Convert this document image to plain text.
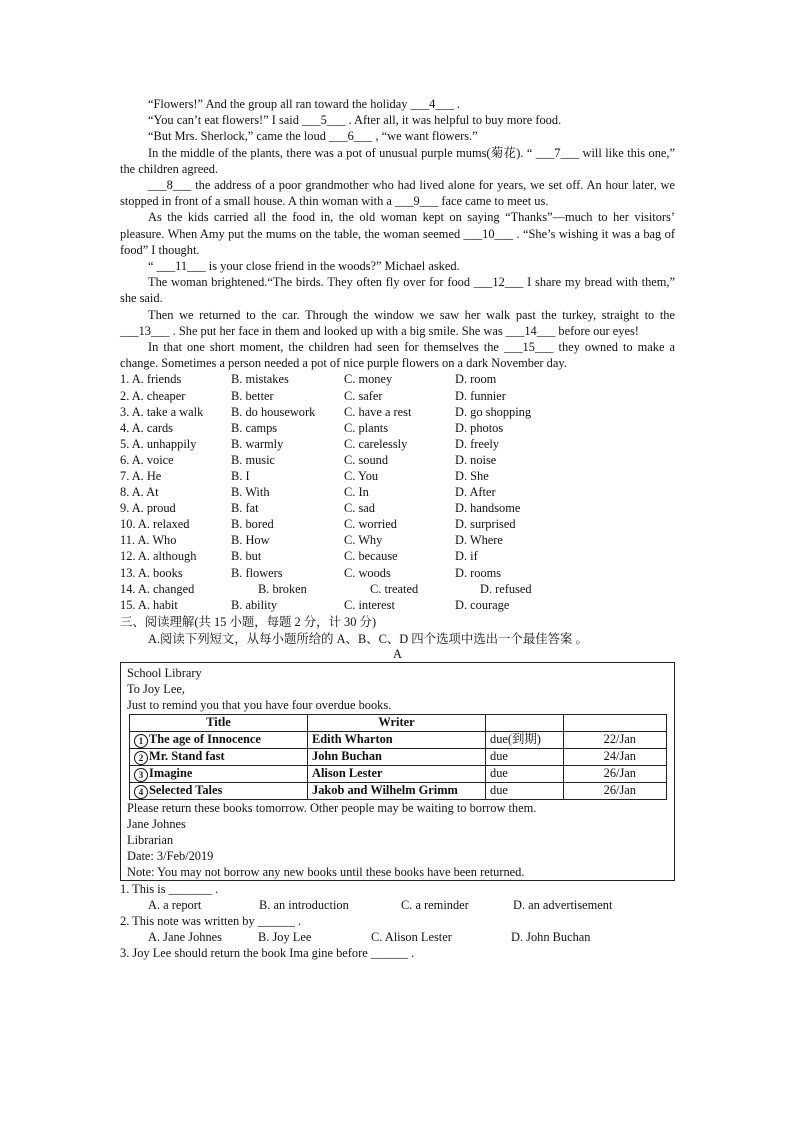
“Flowers!” And the group all ran toward the holiday ___4___ .
“You can’t eat flowers!” I said ___5___ . After all, it was helpful to buy more food.
“But Mrs. Sherlock,” came the loud ___6___ , “we want flowers.”
In the middle of the plants, there was a pot of unusual purple mums(菊花). “ ___7___ will like this one,” the children agreed.
___8___ the address of a poor grandmother who had lived alone for years, we set off. An hour later, we stopped in front of a small house. A thin woman with a ___9___ face came to meet us.
As the kids carried all the food in, the old woman kept on saying “Thanks”—much to her visitors’ pleasure. When Amy put the mums on the table, the woman seemed ___10___ . “She’s wishing it was a bag of food” I thought.
“ ___11___ is your close friend in the woods?” Michael asked.
The woman brightened.“The birds. They often fly over for food ___12___ I share my bread with them,” she said.
Then we returned to the car. Through the window we saw her walk past the turkey, straight to the ___13___ . She put her face in them and looked up with a big smile. She was ___14___ before our eyes!
In that one short moment, the children had seen for themselves the ___15___ they owned to make a change. Sometimes a person needed a pot of nice purple flowers on a dark November day.
1. A. friends	B. mistakes	C. money	D. room
2. A. cheaper	B. better	C. safer	D. funnier
3. A. take a walk	B. do housework	C. have a rest	D. go shopping
4. A. cards	B. camps	C. plants	D. photos
5. A. unhappily	B. warmly	C. carelessly	D. freely
6. A. voice	B. music	C. sound	D. noise
7. A. He	B. I	C. You	D. She
8. A. At	B. With	C. In	D. After
9. A. proud	B. fat	C. sad	D. handsome
10. A. relaxed	B. bored	C. worried	D. surprised
11. A. Who	B. How	C. Why	D. Where
12. A. although	B. but	C. because	D. if
13. A. books	B. flowers	C. woods	D. rooms
14. A. changed	B. broken	C. treated	D. refused
15. A. habit	B. ability	C. interest	D. courage
三、阅读理解(共 15 小题，每题 2 分，计 30 分)
A.阅读下列短文，从每小题所给的 A、B、C、D 四个选项中选出一个最佳答案 。
A
School Library
To Joy Lee,
Just to remind you that you have four overdue books.
Title	Writer		
1 The age of Innocence	Edith Wharton	due(到期)	22/Jan
2 Mr. Stand fast	John Buchan	due	24/Jan
3 Imagine	Alison Lester	due	26/Jan
4 Selected Tales	Jakob and Wilhelm Grimm	due	26/Jan
Please return these books tomorrow. Other people may be waiting to borrow them.
Jane Johnes
Librarian
Date: 3/Feb/2019
Note: You may not borrow any new books until these books have been returned.
1. This is _______ .
A. a report	B. an introduction	C. a reminder	D. an advertisement
2. This note was written by ______ .
A. Jane Johnes	B. Joy Lee	C. Alison Lester	D. John Buchan
3. Joy Lee should return the book Ima gine before ______ .
